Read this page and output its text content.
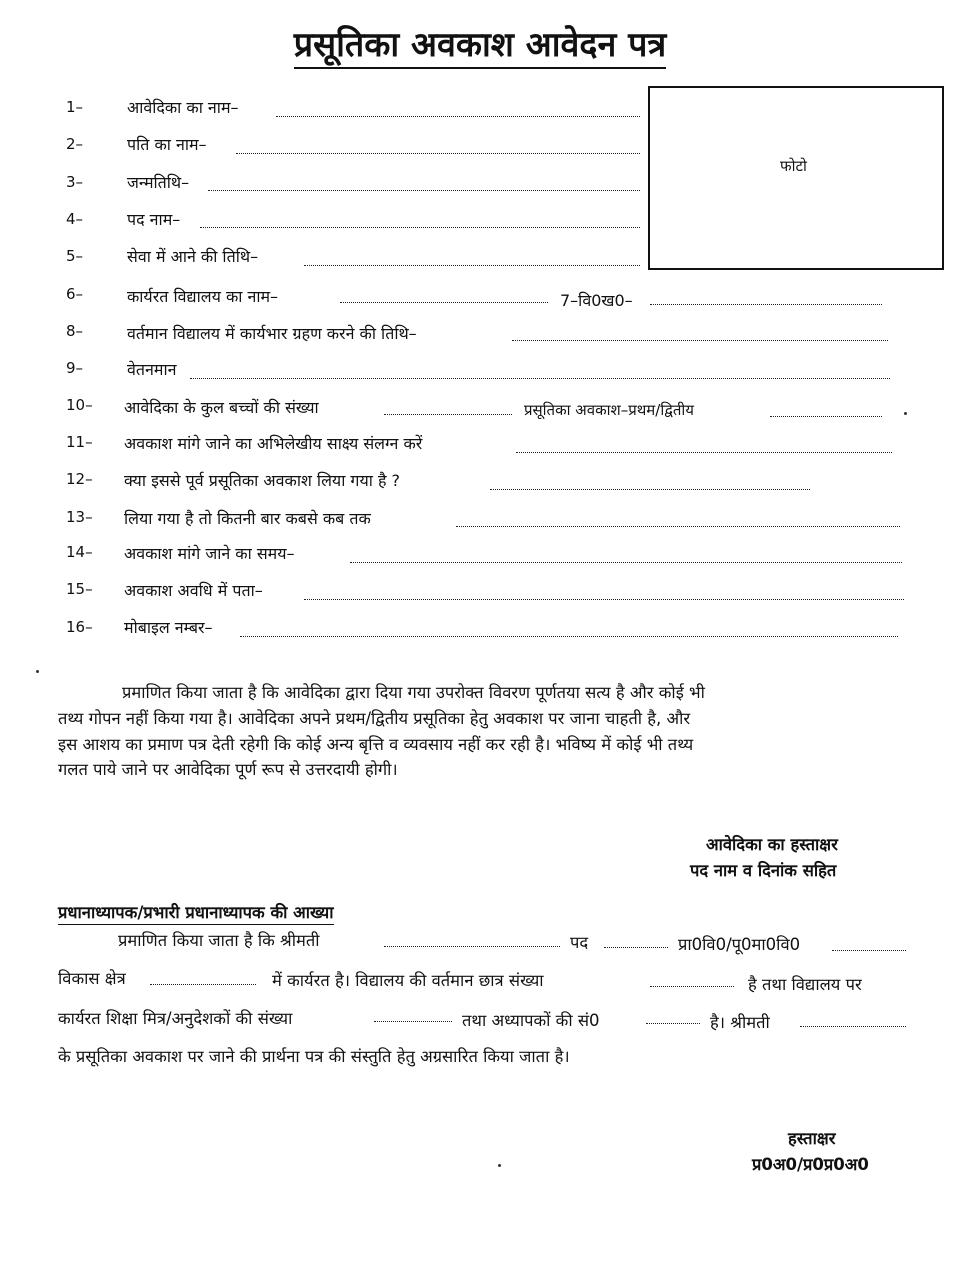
प्रसूतिका अवकाश आवेदन पत्र
फोटो
1–	आवेदिका का नाम–
2–	पति का नाम–
3–	जन्मतिथि–
4–	पद नाम–
5–	सेवा में आने की तिथि–
6–	कार्यरत विद्यालय का नाम–	7–वि0ख0–
8–	वर्तमान विद्यालय में कार्यभार ग्रहण करने की तिथि–
9–	वेतनमान
10– आवेदिका के कुल बच्चों की संख्या	प्रसूतिका अवकाश–प्रथम/द्वितीय
11– अवकाश मांगे जाने का अभिलेखीय साक्ष्य संलग्न करें
12– क्या इससे पूर्व प्रसूतिका अवकाश लिया गया है ?
13– लिया गया है तो कितनी बार कबसे कब तक
14– अवकाश मांगे जाने का समय–
15– अवकाश अवधि में पता–
16– मोबाइल नम्बर–
प्रमाणित किया जाता है कि आवेदिका द्वारा दिया गया उपरोक्त विवरण पूर्णतया सत्य है और कोई भी
तथ्य गोपन नहीं किया गया है। आवेदिका अपने प्रथम/द्वितीय प्रसूतिका हेतु अवकाश पर जाना चाहती है, और
इस आशय का प्रमाण पत्र देती रहेगी कि कोई अन्य बृत्ति व व्यवसाय नहीं कर रही है। भविष्य में कोई भी तथ्य
गलत पाये जाने पर आवेदिका पूर्ण रूप से उत्तरदायी होगी।
आवेदिका का हस्ताक्षर
पद नाम व दिनांक सहित
प्रधानाध्यापक/प्रभारी प्रधानाध्यापक की आख्या
प्रमाणित किया जाता है कि श्रीमती	पद	प्रा0वि0/पू0मा0वि0
विकास क्षेत्र	में कार्यरत है। विद्यालय की वर्तमान छात्र संख्या	है तथा विद्यालय पर
कार्यरत शिक्षा मित्र/अनुदेशकों की संख्या	तथा अध्यापकों की सं0	है। श्रीमती
के प्रसूतिका अवकाश पर जाने की प्रार्थना पत्र की संस्तुति हेतु अग्रसारित किया जाता है।
हस्ताक्षर
प्र0अ0/प्र0प्र0अ0
